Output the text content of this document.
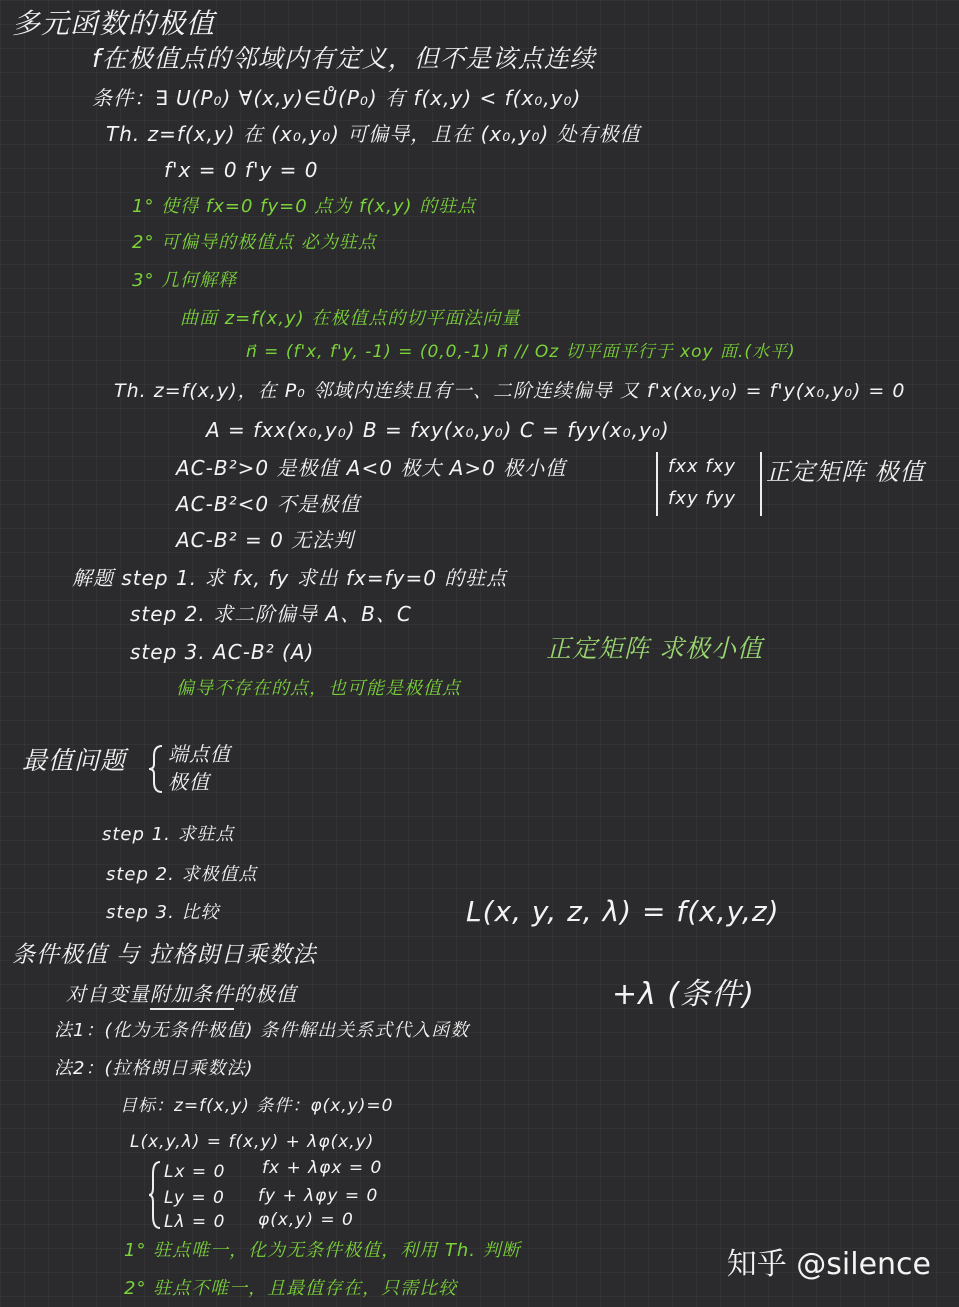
多元函数的极值
f在极值点的邻域内有定义，但不是该点连续
条件：∃ U(P₀) ∀(x,y)∈Ů(P₀) 有 f(x,y) < f(x₀,y₀)
Th. z=f(x,y) 在 (x₀,y₀) 可偏导，且在 (x₀,y₀) 处有极值
f'x = 0 f'y = 0
1° 使得 fx=0 fy=0 点为 f(x,y) 的驻点
2° 可偏导的极值点 必为驻点
3° 几何解释
曲面 z=f(x,y) 在极值点的切平面法向量
n⃗ = (f'x, f'y, -1) = (0,0,-1) n⃗ // Oz 切平面平行于 xoy 面.(水平)
Th. z=f(x,y)，在 P₀ 邻域内连续且有一、二阶连续偏导 又 f'x(x₀,y₀) = f'y(x₀,y₀) = 0
A = fxx(x₀,y₀) B = fxy(x₀,y₀) C = fyy(x₀,y₀)
AC-B²>0 是极值 A<0 极大 A>0 极小值
AC-B²<0 不是极值
AC-B² = 0 无法判
fxx fxy
fxy fyy
正定矩阵 极值
解题 step 1. 求 fx, fy 求出 fx=fy=0 的驻点
step 2. 求二阶偏导 A、B、C
step 3. AC-B² (A)
偏导不存在的点，也可能是极值点
正定矩阵 求极小值
最值问题 端点值
极值
step 1. 求驻点
step 2. 求极值点
step 3. 比较
条件极值 与 拉格朗日乘数法
对自变量附加条件的极值
法1：(化为无条件极值) 条件解出关系式代入函数
法2：(拉格朗日乘数法)
目标：z=f(x,y) 条件：φ(x,y)=0
L(x,y,λ) = f(x,y) + λφ(x,y)
Lx = 0
Ly = 0
Lλ = 0
fx + λφx = 0
fy + λφy = 0
φ(x,y) = 0
1° 驻点唯一，化为无条件极值，利用 Th. 判断
2° 驻点不唯一，且最值存在，只需比较
L(x, y, z, λ) = f(x,y,z)
+λ (条件)
知乎 @silence
